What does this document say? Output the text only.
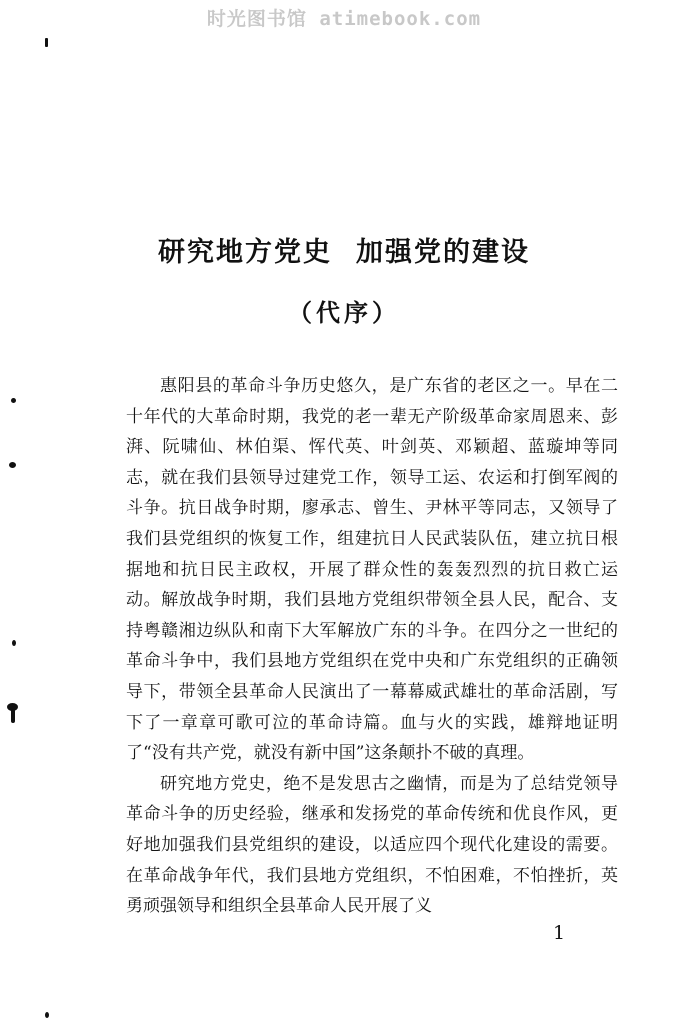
时光图书馆 atimebook.com
研究地方党史 加强党的建设
（代序）

惠阳县的革命斗争历史悠久，是广东省的老区之一。早在二十年代的大革命时期，我党的老一辈无产阶级革命家周恩来、彭湃、阮啸仙、林伯渠、恽代英、叶剑英、邓颖超、蓝璇坤等同志，就在我们县领导过建党工作，领导工运、农运和打倒军阀的斗争。抗日战争时期，廖承志、曾生、尹林平等同志，又领导了我们县党组织的恢复工作，组建抗日人民武装队伍，建立抗日根据地和抗日民主政权，开展了群众性的轰轰烈烈的抗日救亡运动。解放战争时期，我们县地方党组织带领全县人民，配合、支持粤赣湘边纵队和南下大军解放广东的斗争。在四分之一世纪的革命斗争中，我们县地方党组织在党中央和广东党组织的正确领导下，带领全县革命人民演出了一幕幕威武雄壮的革命活剧，写下了一章章可歌可泣的革命诗篇。血与火的实践，雄辩地证明了“没有共产党，就没有新中国”这条颠扑不破的真理。

研究地方党史，绝不是发思古之幽情，而是为了总结党领导革命斗争的历史经验，继承和发扬党的革命传统和优良作风，更好地加强我们县党组织的建设，以适应四个现代化建设的需要。在革命战争年代，我们县地方党组织，不怕困难，不怕挫折，英勇顽强领导和组织全县革命人民开展了义

1
